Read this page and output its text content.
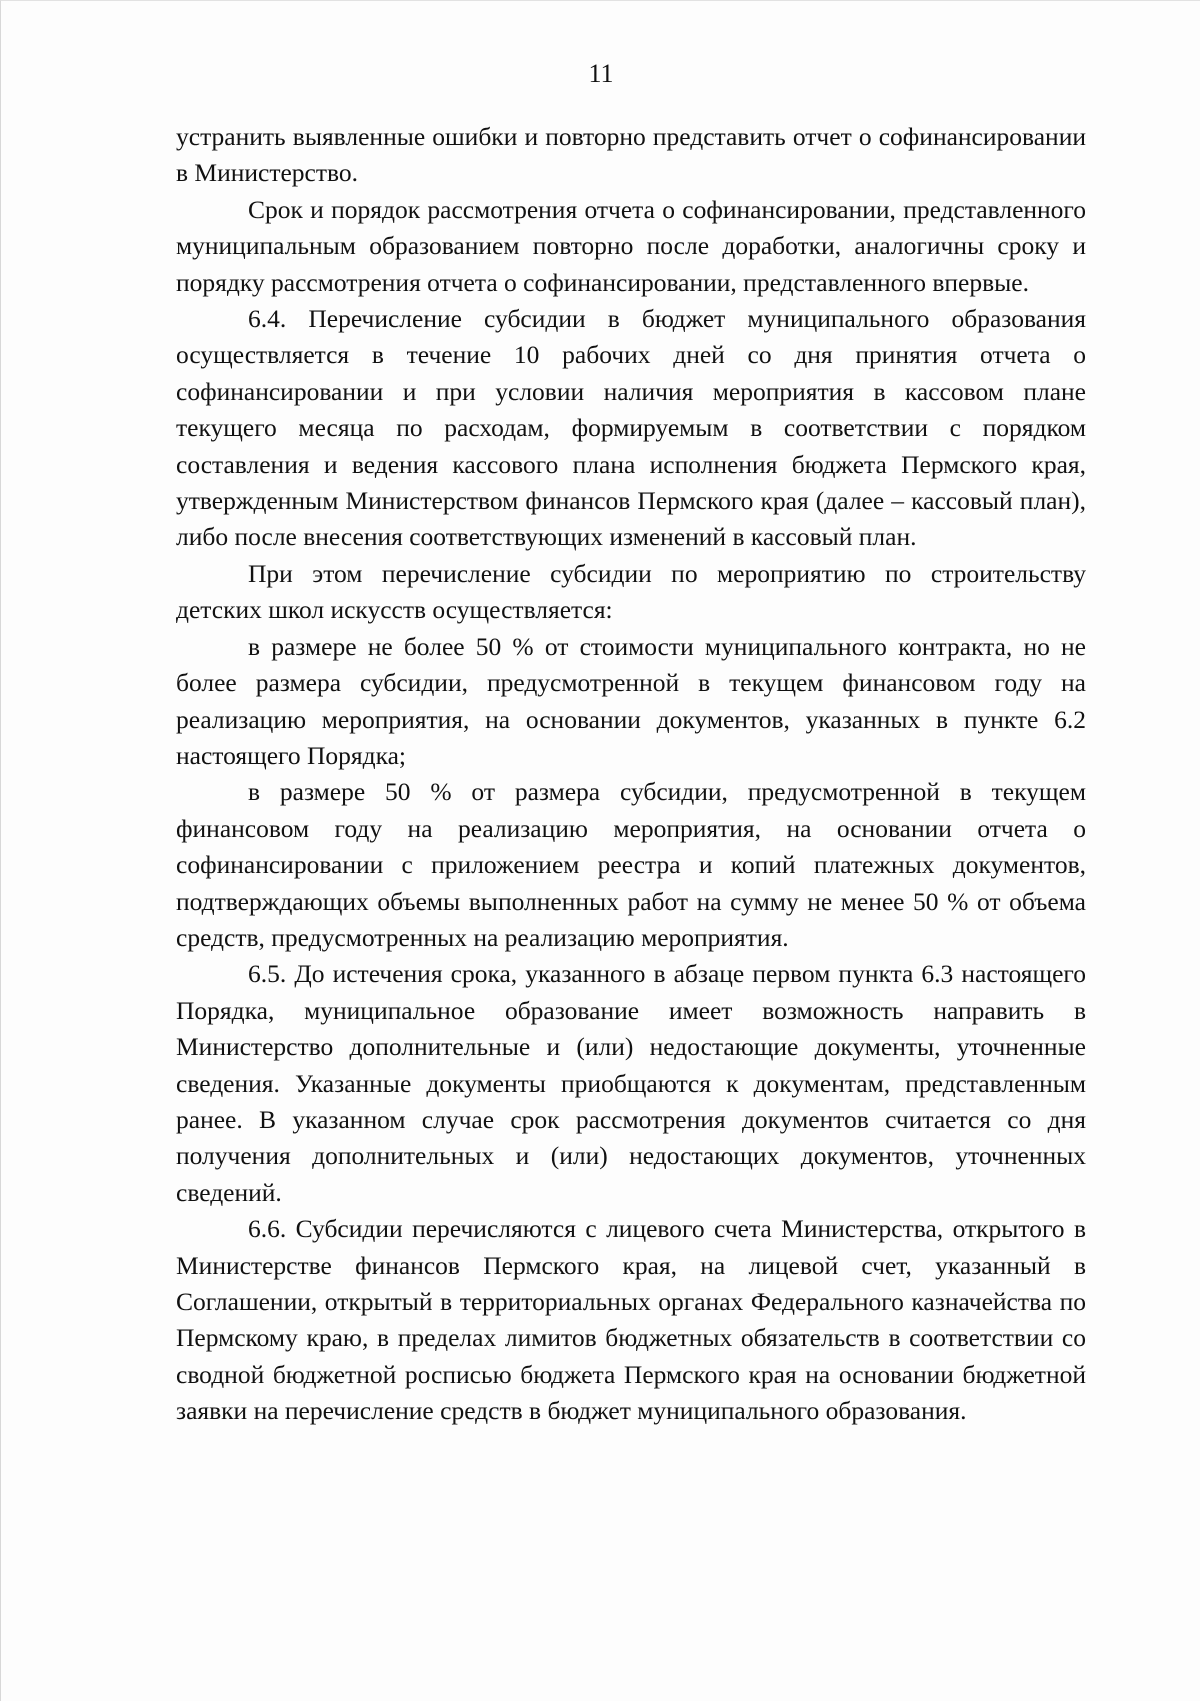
11

устранить выявленные ошибки и повторно представить отчет о софинансировании в Министерство.

Срок и порядок рассмотрения отчета о софинансировании, представленного муниципальным образованием повторно после доработки, аналогичны сроку и порядку рассмотрения отчета о софинансировании, представленного впервые.

6.4. Перечисление субсидии в бюджет муниципального образования осуществляется в течение 10 рабочих дней со дня принятия отчета о софинансировании и при условии наличия мероприятия в кассовом плане текущего месяца по расходам, формируемым в соответствии с порядком составления и ведения кассового плана исполнения бюджета Пермского края, утвержденным Министерством финансов Пермского края (далее – кассовый план), либо после внесения соответствующих изменений в кассовый план.

При этом перечисление субсидии по мероприятию по строительству детских школ искусств осуществляется:

в размере не более 50 % от стоимости муниципального контракта, но не более размера субсидии, предусмотренной в текущем финансовом году на реализацию мероприятия, на основании документов, указанных в пункте 6.2 настоящего Порядка;

в размере 50 % от размера субсидии, предусмотренной в текущем финансовом году на реализацию мероприятия, на основании отчета о софинансировании с приложением реестра и копий платежных документов, подтверждающих объемы выполненных работ на сумму не менее 50 % от объема средств, предусмотренных на реализацию мероприятия.

6.5. До истечения срока, указанного в абзаце первом пункта 6.3 настоящего Порядка, муниципальное образование имеет возможность направить в Министерство дополнительные и (или) недостающие документы, уточненные сведения. Указанные документы приобщаются к документам, представленным ранее. В указанном случае срок рассмотрения документов считается со дня получения дополнительных и (или) недостающих документов, уточненных сведений.

6.6. Субсидии перечисляются с лицевого счета Министерства, открытого в Министерстве финансов Пермского края, на лицевой счет, указанный в Соглашении, открытый в территориальных органах Федерального казначейства по Пермскому краю, в пределах лимитов бюджетных обязательств в соответствии со сводной бюджетной росписью бюджета Пермского края на основании бюджетной заявки на перечисление средств в бюджет муниципального образования.
